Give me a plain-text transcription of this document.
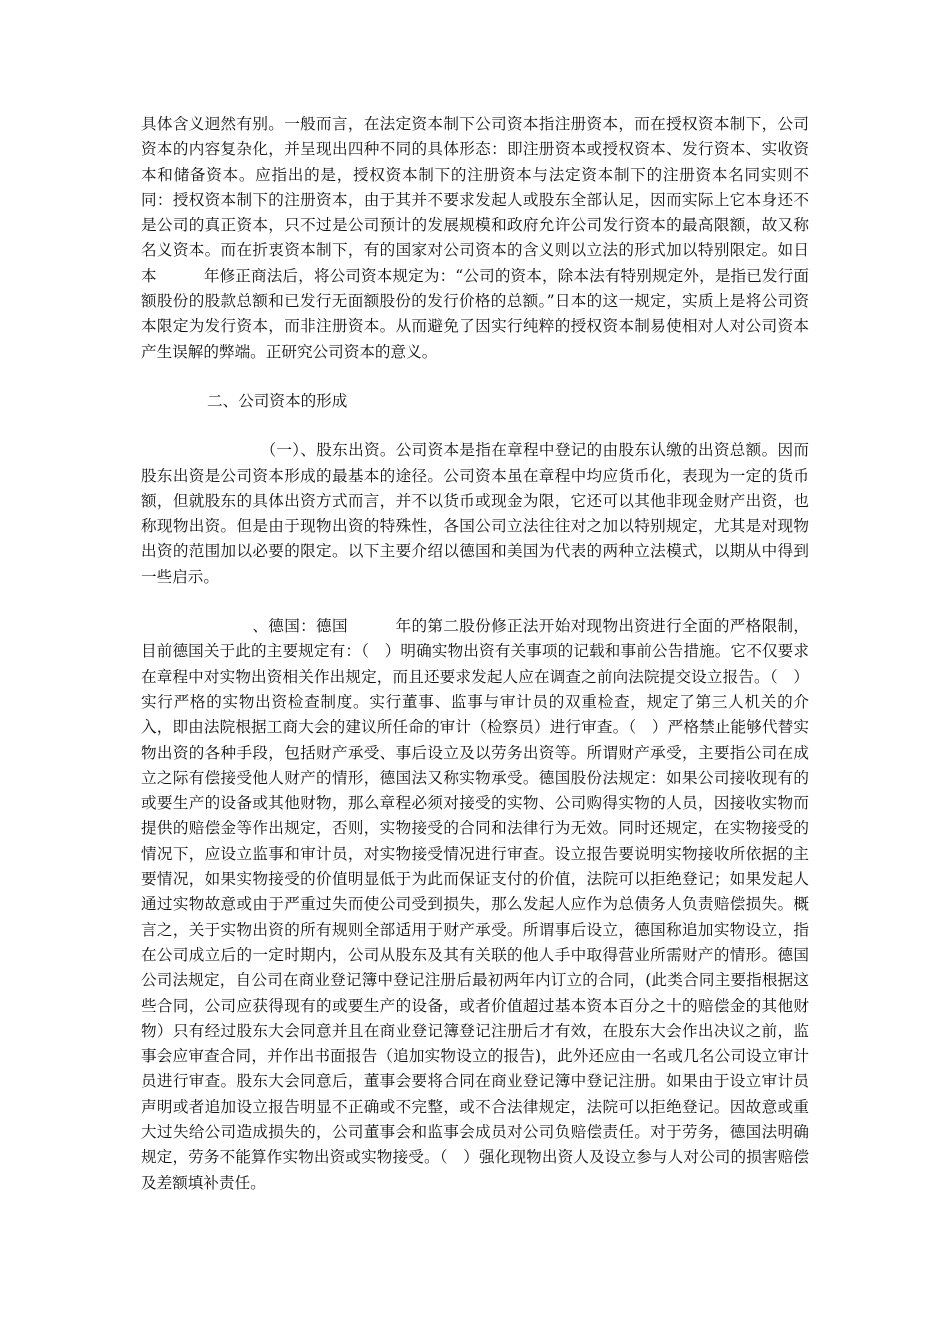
具体含义迥然有别。一般而言，在法定资本制下公司资本指注册资本，而在授权资本制下，公司资本的内容复杂化，并呈现出四种不同的具体形态：即注册资本或授权资本、发行资本、实收资本和储备资本。应指出的是，授权资本制下的注册资本与法定资本制下的注册资本名同实则不同：授权资本制下的注册资本，由于其并不要求发起人或股东全部认足，因而实际上它本身还不是公司的真正资本，只不过是公司预计的发展规模和政府允许公司发行资本的最高限额，故又称名义资本。而在折衷资本制下，有的国家对公司资本的含义则以立法的形式加以特别限定。如日本　　　年修正商法后，将公司资本规定为：“公司的资本，除本法有特别规定外，是指已发行面额股份的股款总额和已发行无面额股份的发行价格的总额。”日本的这一规定，实质上是将公司资本限定为发行资本，而非注册资本。从而避免了因实行纯粹的授权资本制易使相对人对公司资本产生误解的弊端。正研究公司资本的意义。

二、公司资本的形成

　　　　　　　　（一）、股东出资。公司资本是指在章程中登记的由股东认缴的出资总额。因而股东出资是公司资本形成的最基本的途径。公司资本虽在章程中均应货币化，表现为一定的货币额，但就股东的具体出资方式而言，并不以货币或现金为限，它还可以其他非现金财产出资，也称现物出资。但是由于现物出资的特殊性，各国公司立法往往对之加以特别规定，尤其是对现物出资的范围加以必要的限定。以下主要介绍以德国和美国为代表的两种立法模式，以期从中得到一些启示。

　　　　　　　、德国：德国　　　年的第二股份修正法开始对现物出资进行全面的严格限制，目前德国关于此的主要规定有：（　）明确实物出资有关事项的记载和事前公告措施。它不仅要求在章程中对实物出资相关作出规定，而且还要求发起人应在调查之前向法院提交设立报告。（　）实行严格的实物出资检查制度。实行董事、监事与审计员的双重检查，规定了第三人机关的介入，即由法院根据工商大会的建议所任命的审计（检察员）进行审查。（　）严格禁止能够代替实物出资的各种手段，包括财产承受、事后设立及以劳务出资等。所谓财产承受，主要指公司在成立之际有偿接受他人财产的情形，德国法又称实物承受。德国股份法规定：如果公司接收现有的或要生产的设备或其他财物，那么章程必须对接受的实物、公司购得实物的人员，因接收实物而提供的赔偿金等作出规定，否则，实物接受的合同和法律行为无效。同时还规定，在实物接受的情况下，应设立监事和审计员，对实物接受情况进行审查。设立报告要说明实物接收所依据的主要情况，如果实物接受的价值明显低于为此而保证支付的价值，法院可以拒绝登记；如果发起人通过实物故意或由于严重过失而使公司受到损失，那么发起人应作为总债务人负责赔偿损失。概言之，关于实物出资的所有规则全部适用于财产承受。所谓事后设立，德国称追加实物设立，指在公司成立后的一定时期内，公司从股东及其有关联的他人手中取得营业所需财产的情形。德国公司法规定，自公司在商业登记簿中登记注册后最初两年内订立的合同，(此类合同主要指根据这些合同，公司应获得现有的或要生产的设备，或者价值超过基本资本百分之十的赔偿金的其他财物）只有经过股东大会同意并且在商业登记簿登记注册后才有效，在股东大会作出决议之前，监事会应审查合同，并作出书面报告（追加实物设立的报告)，此外还应由一名或几名公司设立审计员进行审查。股东大会同意后，董事会要将合同在商业登记簿中登记注册。如果由于设立审计员声明或者追加设立报告明显不正确或不完整，或不合法律规定，法院可以拒绝登记。因故意或重大过失给公司造成损失的，公司董事会和监事会成员对公司负赔偿责任。对于劳务，德国法明确规定，劳务不能算作实物出资或实物接受。（　）强化现物出资人及设立参与人对公司的损害赔偿及差额填补责任。
